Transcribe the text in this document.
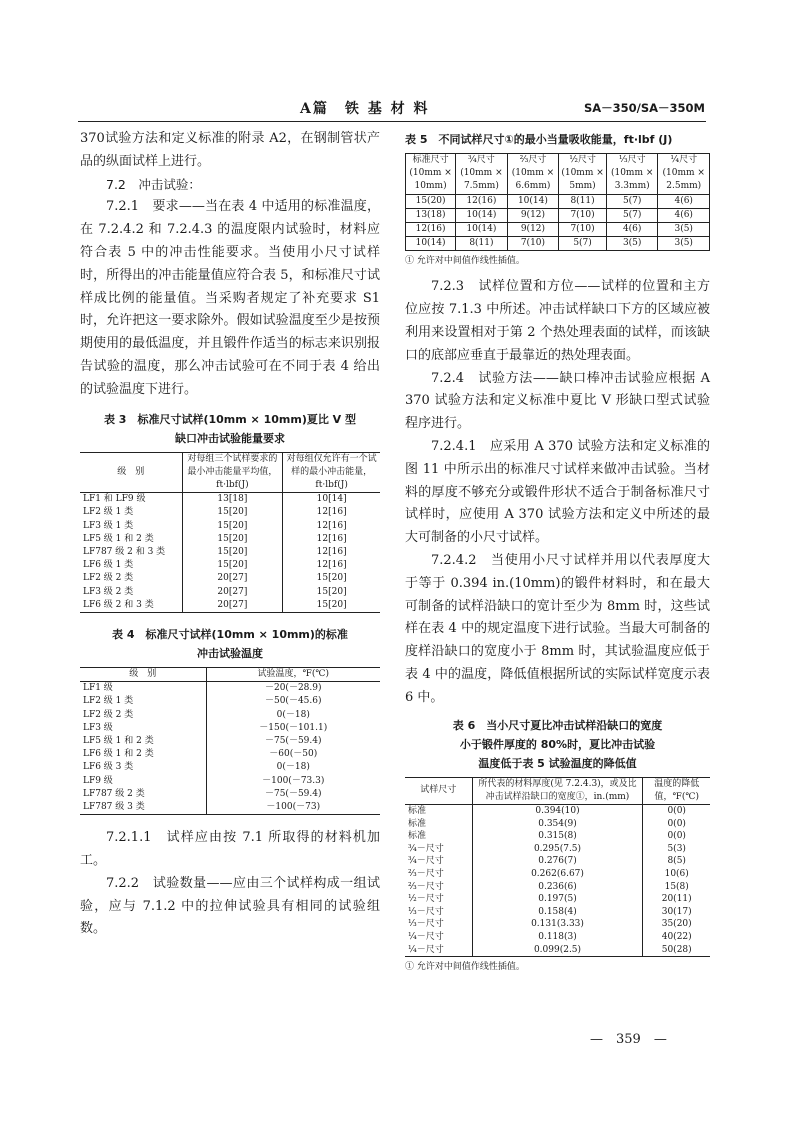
A篇　铁 基 材 料	SA－350/SA－350M

370试验方法和定义标准的附录 A2，在钢制管状产品的纵面试样上进行。

7.2　冲击试验：

7.2.1　要求——当在表 4 中适用的标准温度，在 7.2.4.2 和 7.2.4.3 的温度限内试验时，材料应符合表 5 中的冲击性能要求。当使用小尺寸试样时，所得出的冲击能量值应符合表 5，和标准尺寸试样成比例的能量值。当采购者规定了补充要求 S1 时，允许把这一要求除外。假如试验温度至少是按预期使用的最低温度，并且锻件作适当的标志来识别报告试验的温度，那么冲击试验可在不同于表 4 给出的试验温度下进行。

表 3　标准尺寸试样(10mm × 10mm)夏比 V 型
缺口冲击试验能量要求
级　别	对每组三个试样要求的最小冲击能量平均值，ft·lbf(J)	对每组仅允许有一个试样的最小冲击能量，ft·lbf(J)
LF1 和 LF9 级	13[18]	10[14]
LF2 级 1 类	15[20]	12[16]
LF3 级 1 类	15[20]	12[16]
LF5 级 1 和 2 类	15[20]	12[16]
LF787 级 2 和 3 类	15[20]	12[16]
LF6 级 1 类	15[20]	12[16]
LF2 级 2 类	20[27]	15[20]
LF3 级 2 类	20[27]	15[20]
LF6 级 2 和 3 类	20[27]	15[20]
表 4　标准尺寸试样(10mm × 10mm)的标准
冲击试验温度
级　别	试验温度，℉(℃)
LF1 级	－20(－28.9)
LF2 级 1 类	－50(－45.6)
LF2 级 2 类	0(－18)
LF3 级	－150(－101.1)
LF5 级 1 和 2 类	－75(－59.4)
LF6 级 1 和 2 类	－60(－50)
LF6 级 3 类	0(－18)
LF9 级	－100(－73.3)
LF787 级 2 类	－75(－59.4)
LF787 级 3 类	－100(－73)

7.2.1.1　试样应由按 7.1 所取得的材料机加工。

7.2.2　试验数量——应由三个试样构成一组试验，应与 7.1.2 中的拉伸试验具有相同的试验组数。

表 5　不同试样尺寸①的最小当量吸收能量，ft·lbf (J)
标准尺寸(10mm × 10mm)	¾尺寸(10mm × 7.5mm)	⅔尺寸(10mm × 6.6mm)	½尺寸(10mm × 5mm)	⅓尺寸(10mm × 3.3mm)	¼尺寸(10mm × 2.5mm)
15(20)	12(16)	10(14)	8(11)	5(7)	4(6)
13(18)	10(14)	9(12)	7(10)	5(7)	4(6)
12(16)	10(14)	9(12)	7(10)	4(6)	3(5)
10(14)	8(11)	7(10)	5(7)	3(5)	3(5)
① 允许对中间值作线性插值。

7.2.3　试样位置和方位——试样的位置和主方位应按 7.1.3 中所述。冲击试样缺口下方的区域应被利用来设置相对于第 2 个热处理表面的试样，而该缺口的底部应垂直于最靠近的热处理表面。

7.2.4　试验方法——缺口棒冲击试验应根据 A 370 试验方法和定义标准中夏比 V 形缺口型式试验程序进行。

7.2.4.1　应采用 A 370 试验方法和定义标准的图 11 中所示出的标准尺寸试样来做冲击试验。当材料的厚度不够充分或锻件形状不适合于制备标准尺寸试样时，应使用 A 370 试验方法和定义中所述的最大可制备的小尺寸试样。

7.2.4.2　当使用小尺寸试样并用以代表厚度大于等于 0.394 in.(10mm)的锻件材料时，和在最大可制备的试样沿缺口的宽计至少为 8mm 时，这些试样在表 4 中的规定温度下进行试验。当最大可制备的度样沿缺口的宽度小于 8mm 时，其试验温度应低于表 4 中的温度，降低值根据所试的实际试样宽度示表 6 中。

表 6　当小尺寸夏比冲击试样沿缺口的宽度
小于锻件厚度的 80%时，夏比冲击试验
温度低于表 5 试验温度的降低值
试样尺寸	所代表的材料厚度(见 7.2.4.3)，或及比冲击试样沿缺口的宽度①，in.(mm)	温度的降低值，℉(℃)
标准	0.394(10)	0(0)
标准	0.354(9)	0(0)
标准	0.315(8)	0(0)
¾－尺寸	0.295(7.5)	5(3)
¾－尺寸	0.276(7)	8(5)
⅔－尺寸	0.262(6.67)	10(6)
⅔－尺寸	0.236(6)	15(8)
½－尺寸	0.197(5)	20(11)
⅓－尺寸	0.158(4)	30(17)
⅓－尺寸	0.131(3.33)	35(20)
¼－尺寸	0.118(3)	40(22)
¼－尺寸	0.099(2.5)	50(28)
① 允许对中间值作线性插值。
—　359　—
